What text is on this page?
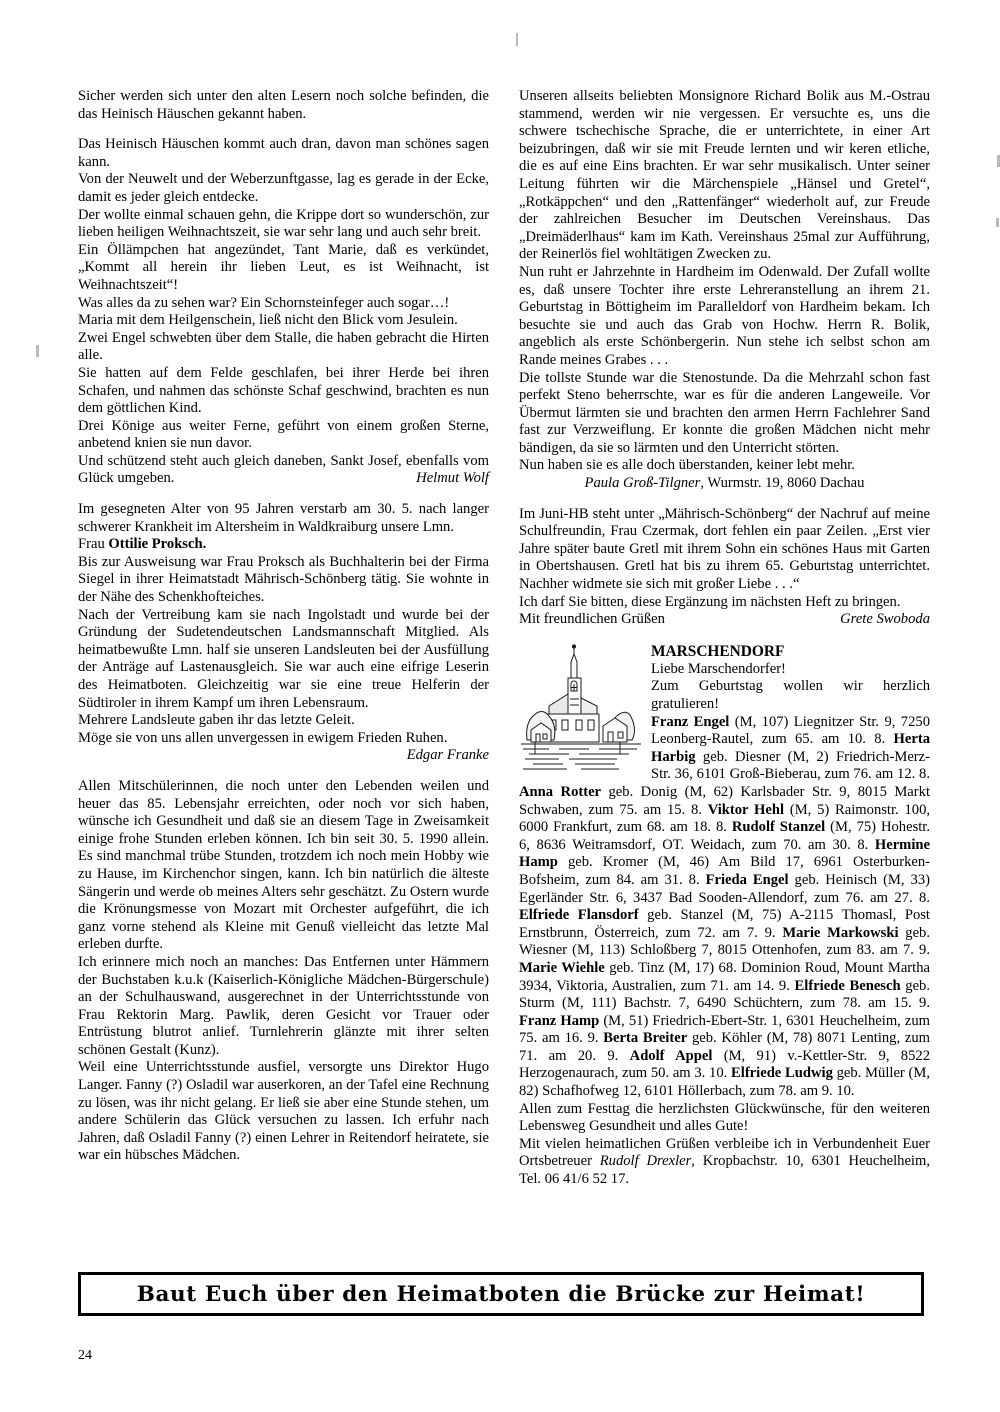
Sicher werden sich unter den alten Lesern noch solche befinden, die das Heinisch Häuschen gekannt haben.

Das Heinisch Häuschen kommt auch dran, davon man schönes sagen kann.

Von der Neuwelt und der Weberzunftgasse, lag es gerade in der Ecke, damit es jeder gleich entdecke.

Der wollte einmal schauen gehn, die Krippe dort so wunderschön, zur lieben heiligen Weihnachtszeit, sie war sehr lang und auch sehr breit.

Ein Öllämpchen hat angezündet, Tant Marie, daß es verkündet, „Kommt all herein ihr lieben Leut, es ist Weihnacht, ist Weihnachtszeit“!

Was alles da zu sehen war? Ein Schornsteinfeger auch sogar…!

Maria mit dem Heilgenschein, ließ nicht den Blick vom Jesulein.

Zwei Engel schwebten über dem Stalle, die haben gebracht die Hirten alle.

Sie hatten auf dem Felde geschlafen, bei ihrer Herde bei ihren Schafen, und nahmen das schönste Schaf geschwind, brachten es nun dem göttlichen Kind.

Drei Könige aus weiter Ferne, geführt von einem großen Sterne, anbetend knien sie nun davor.

Und schützend steht auch gleich daneben, Sankt Josef, ebenfalls vom Glück umgeben.	Helmut Wolf

Im gesegneten Alter von 95 Jahren verstarb am 30. 5. nach langer schwerer Krankheit im Altersheim in Waldkraiburg unsere Lmn.

Frau Ottilie Proksch.

Bis zur Ausweisung war Frau Proksch als Buchhalterin bei der Firma Siegel in ihrer Heimatstadt Mährisch-Schönberg tätig. Sie wohnte in der Nähe des Schenkhofteiches.

Nach der Vertreibung kam sie nach Ingolstadt und wurde bei der Gründung der Sudetendeutschen Landsmannschaft Mitglied. Als heimatbewußte Lmn. half sie unseren Landsleuten bei der Ausfüllung der Anträge auf Lastenausgleich. Sie war auch eine eifrige Leserin des Heimatboten. Gleichzeitig war sie eine treue Helferin der Südtiroler in ihrem Kampf um ihren Lebensraum.

Mehrere Landsleute gaben ihr das letzte Geleit.

Möge sie von uns allen unvergessen in ewigem Frieden Ruhen.

Edgar Franke

Allen Mitschülerinnen, die noch unter den Lebenden weilen und heuer das 85. Lebensjahr erreichten, oder noch vor sich haben, wünsche ich Gesundheit und daß sie an diesem Tage in Zweisamkeit einige frohe Stunden erleben können. Ich bin seit 30. 5. 1990 allein. Es sind manchmal trübe Stunden, trotzdem ich noch mein Hobby wie zu Hause, im Kirchenchor singen, kann. Ich bin natürlich die älteste Sängerin und werde ob meines Alters sehr geschätzt. Zu Ostern wurde die Krönungsmesse von Mozart mit Orchester aufgeführt, die ich ganz vorne stehend als Kleine mit Genuß vielleicht das letzte Mal erleben durfte.

Ich erinnere mich noch an manches: Das Entfernen unter Hämmern der Buchstaben k.u.k (Kaiserlich-Königliche Mädchen-Bürgerschule) an der Schulhauswand, ausgerechnet in der Unterrichtsstunde von Frau Rektorin Marg. Pawlik, deren Gesicht vor Trauer oder Entrüstung blutrot anlief. Turnlehrerin glänzte mit ihrer selten schönen Gestalt (Kunz).

Weil eine Unterrichtsstunde ausfiel, versorgte uns Direktor Hugo Langer. Fanny (?) Osladil war auserkoren, an der Tafel eine Rechnung zu lösen, was ihr nicht gelang. Er ließ sie aber eine Stunde stehen, um andere Schülerin das Glück versuchen zu lassen. Ich erfuhr nach Jahren, daß Osladil Fanny (?) einen Lehrer in Reitendorf heiratete, sie war ein hübsches Mädchen.

Unseren allseits beliebten Monsignore Richard Bolik aus M.-Ostrau stammend, werden wir nie vergessen. Er versuchte es, uns die schwere tschechische Sprache, die er unterrichtete, in einer Art beizubringen, daß wir sie mit Freude lernten und wir keren etliche, die es auf eine Eins brachten. Er war sehr musikalisch. Unter seiner Leitung führten wir die Märchenspiele „Hänsel und Gretel“, „Rotkäppchen“ und den „Rattenfänger“ wiederholt auf, zur Freude der zahlreichen Besucher im Deutschen Vereinshaus. Das „Dreimäderlhaus“ kam im Kath. Vereinshaus 25mal zur Aufführung, der Reinerlös fiel wohltätigen Zwecken zu.

Nun ruht er Jahrzehnte in Hardheim im Odenwald. Der Zufall wollte es, daß unsere Tochter ihre erste Lehreranstellung an ihrem 21. Geburtstag in Böttigheim im Paralleldorf von Hardheim bekam. Ich besuchte sie und auch das Grab von Hochw. Herrn R. Bolik, angeblich als erste Schönbergerin. Nun stehe ich selbst schon am Rande meines Grabes . . .

Die tollste Stunde war die Stenostunde. Da die Mehrzahl schon fast perfekt Steno beherrschte, war es für die anderen Langeweile. Vor Übermut lärmten sie und brachten den armen Herrn Fachlehrer Sand fast zur Verzweiflung. Er konnte die großen Mädchen nicht mehr bändigen, da sie so lärmten und den Unterricht störten.

Nun haben sie es alle doch überstanden, keiner lebt mehr.

Paula Groß-Tilgner, Wurmstr. 19, 8060 Dachau

Im Juni-HB steht unter „Mährisch-Schönberg“ der Nachruf auf meine Schulfreundin, Frau Czermak, dort fehlen ein paar Zeilen. „Erst vier Jahre später baute Gretl mit ihrem Sohn ein schönes Haus mit Garten in Obertshausen. Gretl hat bis zu ihrem 65. Geburtstag unterrichtet. Nachher widmete sie sich mit großer Liebe . . .“

Ich darf Sie bitten, diese Ergänzung im nächsten Heft zu bringen.

Mit freundlichen Grüßen	Grete Swoboda

MARSCHENDORF

Liebe Marschendorfer!

Zum Geburtstag wollen wir herzlich gratulieren!

Franz Engel (M, 107) Liegnitzer Str. 9, 7250 Leonberg-Rautel, zum 65. am 10. 8. Herta Harbig geb. Diesner (M, 2) Friedrich-Merz-Str. 36, 6101 Groß-Bieberau, zum 76. am 12. 8. Anna Rotter geb. Donig (M, 62) Karlsbader Str. 9, 8015 Markt Schwaben, zum 75. am 15. 8. Viktor Hehl (M, 5) Raimonstr. 100, 6000 Frankfurt, zum 68. am 18. 8. Rudolf Stanzel (M, 75) Hohestr. 6, 8636 Weitramsdorf, OT. Weidach, zum 70. am 30. 8. Hermine Hamp geb. Kromer (M, 46) Am Bild 17, 6961 Osterburken-Bofsheim, zum 84. am 31. 8. Frieda Engel geb. Heinisch (M, 33) Egerländer Str. 6, 3437 Bad Sooden-Allendorf, zum 76. am 27. 8. Elfriede Flansdorf geb. Stanzel (M, 75) A-2115 Thomasl, Post Ernstbrunn, Österreich, zum 72. am 7. 9. Marie Markowski geb. Wiesner (M, 113) Schloßberg 7, 8015 Ottenhofen, zum 83. am 7. 9. Marie Wiehle geb. Tinz (M, 17) 68. Dominion Roud, Mount Martha 3934, Viktoria, Australien, zum 71. am 14. 9. Elfriede Benesch geb. Sturm (M, 111) Bachstr. 7, 6490 Schüchtern, zum 78. am 15. 9. Franz Hamp (M, 51) Friedrich-Ebert-Str. 1, 6301 Heuchelheim, zum 75. am 16. 9. Berta Breiter geb. Köhler (M, 78) 8071 Lenting, zum 71. am 20. 9. Adolf Appel (M, 91) v.-Kettler-Str. 9, 8522 Herzogenaurach, zum 50. am 3. 10. Elfriede Ludwig geb. Müller (M, 82) Schafhofweg 12, 6101 Höllerbach, zum 78. am 9. 10.

Allen zum Festtag die herzlichsten Glückwünsche, für den weiteren Lebensweg Gesundheit und alles Gute!

Mit vielen heimatlichen Grüßen verbleibe ich in Verbundenheit Euer Ortsbetreuer Rudolf Drexler, Kropbachstr. 10, 6301 Heuchelheim, Tel. 06 41/6 52 17.

Baut Euch über den Heimatboten die Brücke zur Heimat!
24
